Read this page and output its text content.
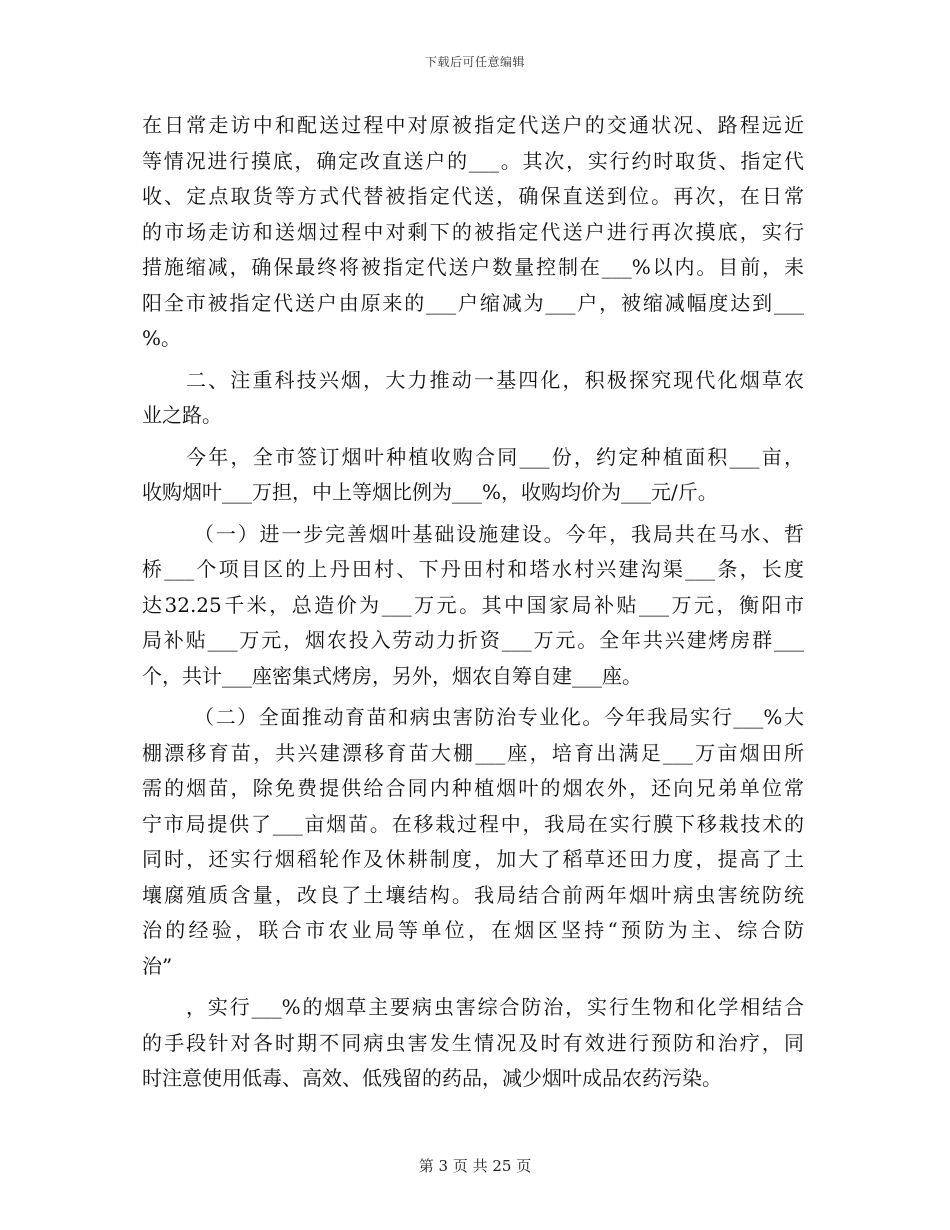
下载后可任意编辑
在日常走访中和配送过程中对原被指定代送户的交通状况、路程远近
等情况进行摸底，确定改直送户的___。其次，实行约时取货、指定代
收、定点取货等方式代替被指定代送，确保直送到位。再次，在日常
的市场走访和送烟过程中对剩下的被指定代送户进行再次摸底，实行
措施缩减，确保最终将被指定代送户数量控制在___%以内。目前，耒
阳全市被指定代送户由原来的___户缩减为___户，被缩减幅度达到___
%。
二、注重科技兴烟，大力推动一基四化，积极探究现代化烟草农
业之路。
今年，全市签订烟叶种植收购合同___份，约定种植面积___亩，
收购烟叶___万担，中上等烟比例为___%，收购均价为___元/斤。
（一）进一步完善烟叶基础设施建设。今年，我局共在马水、哲
桥___个项目区的上丹田村、下丹田村和塔水村兴建沟渠___条，长度
达32.25千米，总造价为___万元。其中国家局补贴___万元，衡阳市
局补贴___万元，烟农投入劳动力折资___万元。全年共兴建烤房群___
个，共计___座密集式烤房，另外，烟农自筹自建___座。
（二）全面推动育苗和病虫害防治专业化。今年我局实行___%大
棚漂移育苗，共兴建漂移育苗大棚___座，培育出满足___万亩烟田所
需的烟苗，除免费提供给合同内种植烟叶的烟农外，还向兄弟单位常
宁市局提供了___亩烟苗。在移栽过程中，我局在实行膜下移栽技术的
同时，还实行烟稻轮作及休耕制度，加大了稻草还田力度，提高了土
壤腐殖质含量，改良了土壤结构。我局结合前两年烟叶病虫害统防统
治的经验，联合市农业局等单位，在烟区坚持“预防为主、综合防
治”
，实行___%的烟草主要病虫害综合防治，实行生物和化学相结合
的手段针对各时期不同病虫害发生情况及时有效进行预防和治疗，同
时注意使用低毒、高效、低残留的药品，减少烟叶成品农药污染。
第 3 页 共 25 页
